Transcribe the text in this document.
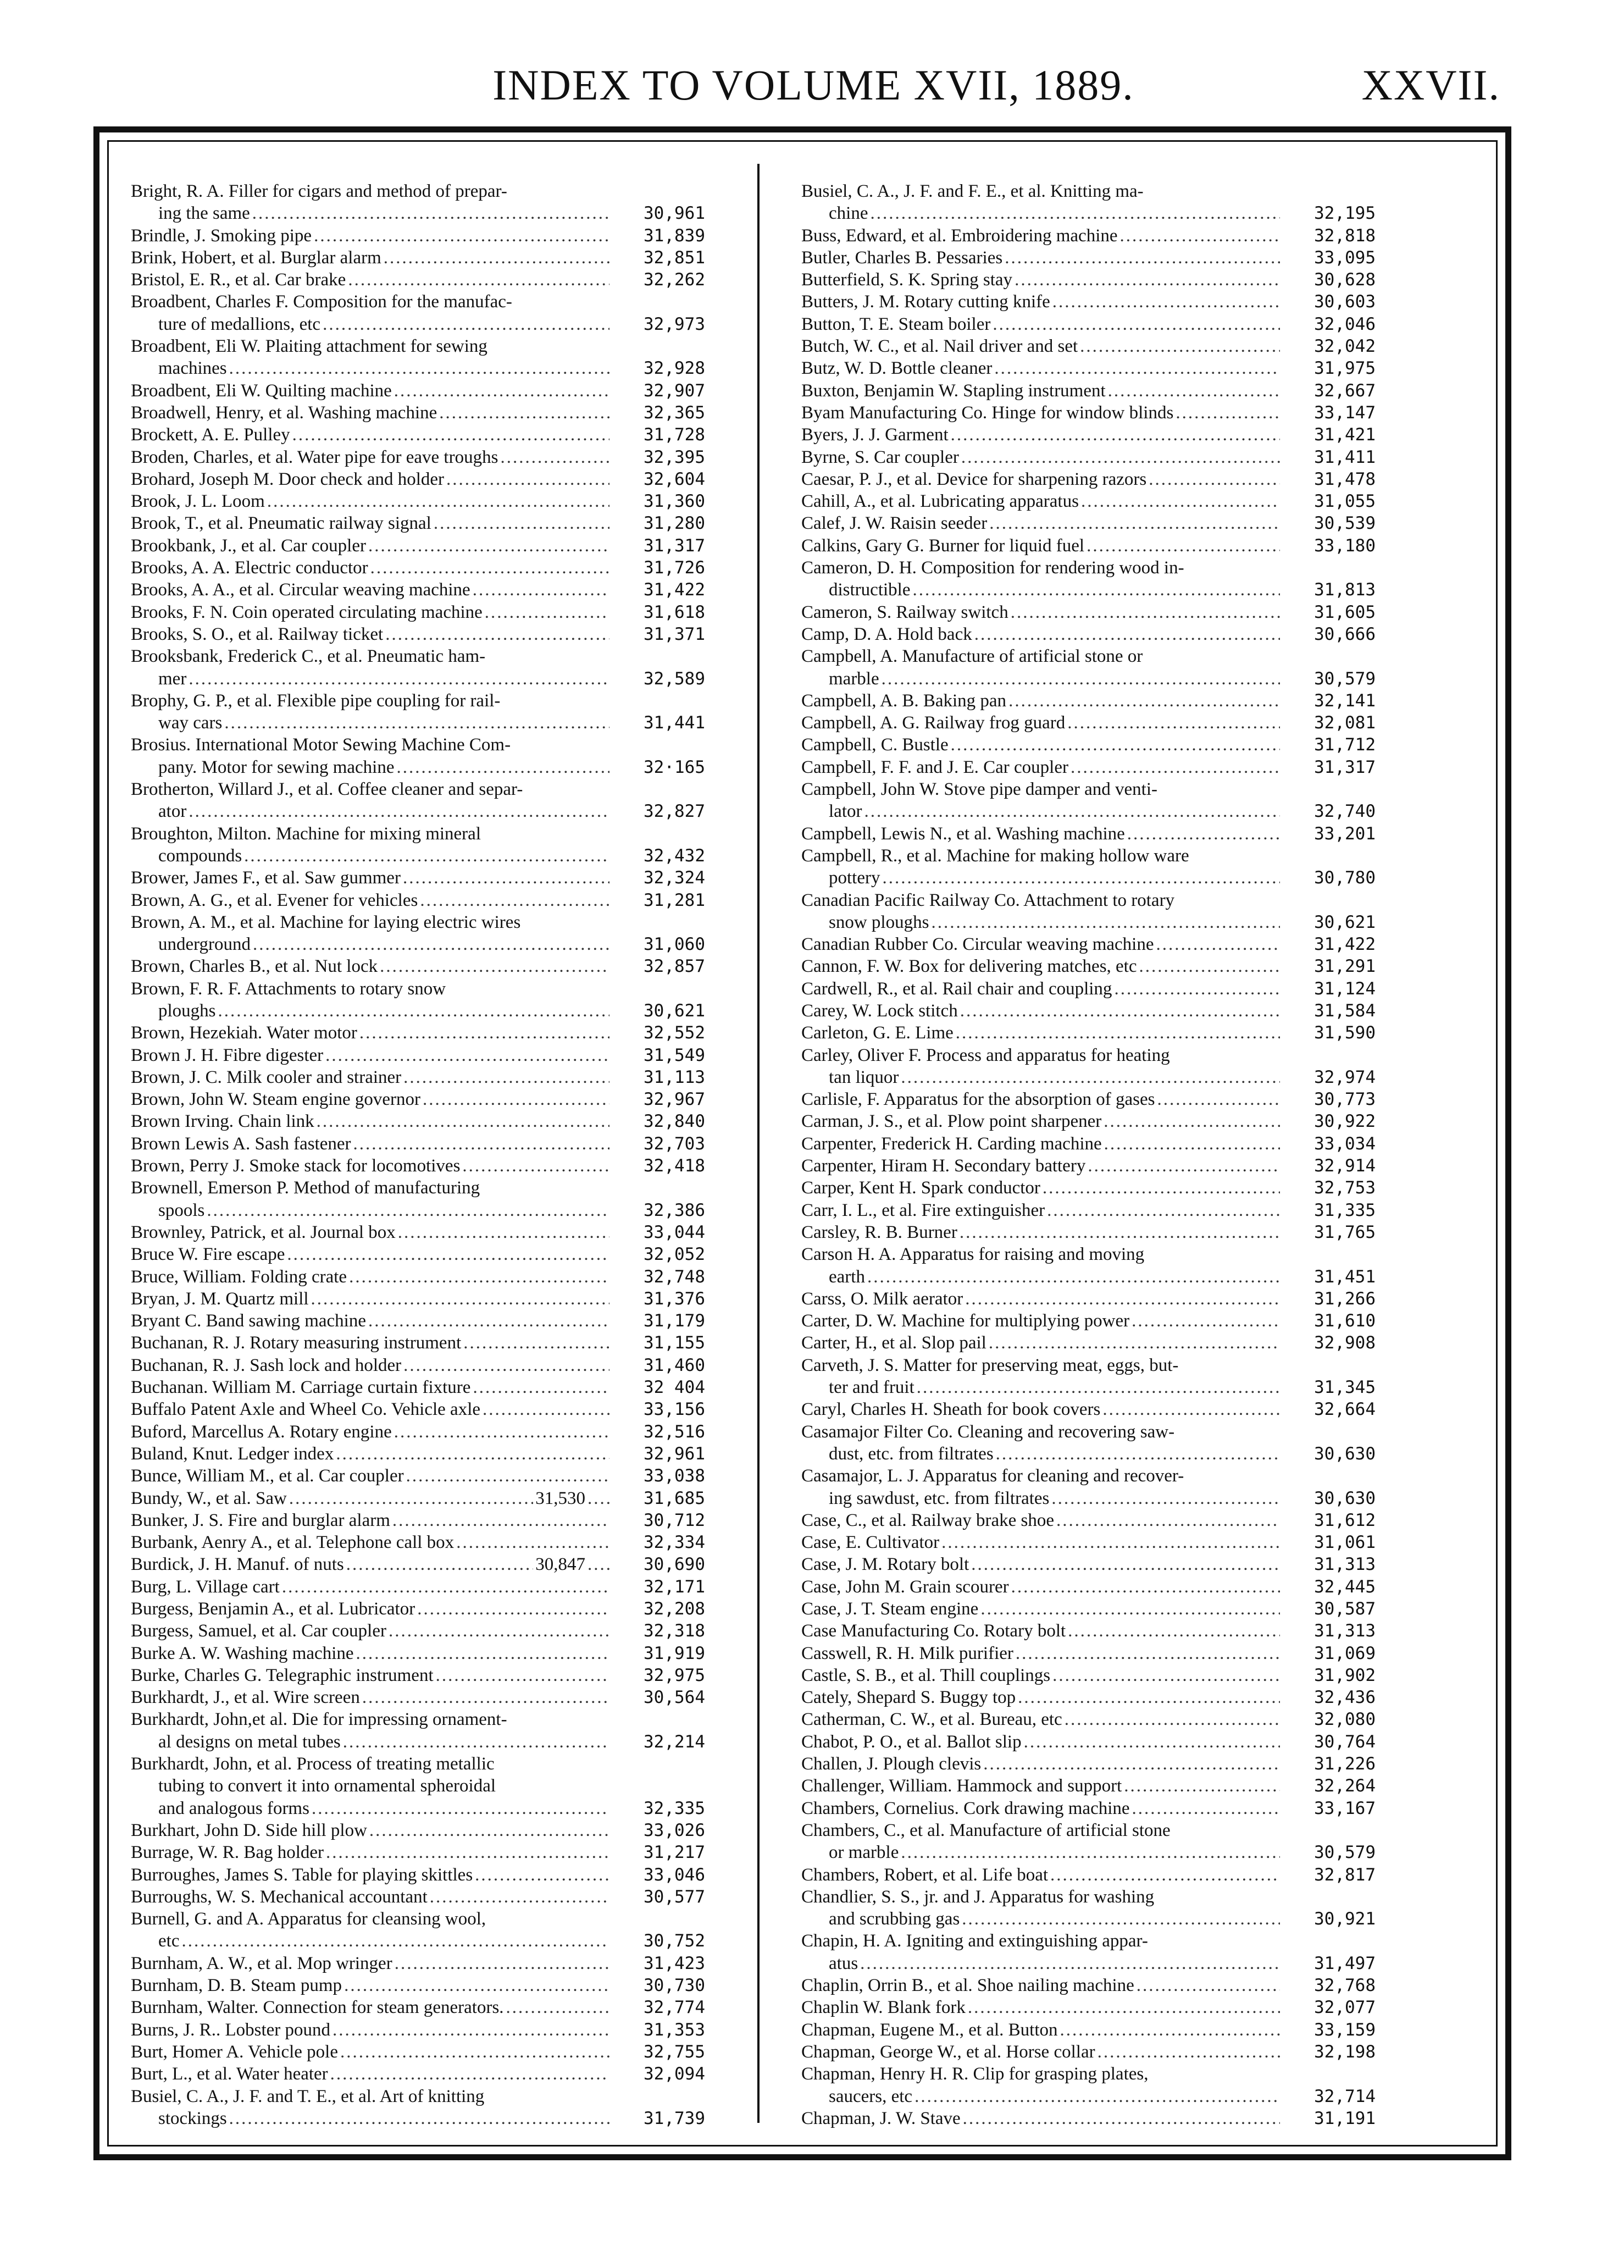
INDEX TO VOLUME XVII, 1889.	XXVII.
Bright, R. A. Filler for cigars and method of prepar-
ing the same .....	30,961
Brindle, J. Smoking pipe .....	31,839
Brink, Hobert, et al. Burglar alarm .....	32,851
Bristol, E. R., et al. Car brake .....	32,262
Broadbent, Charles F. Composition for the manufac-
ture of medallions, etc .....	32,973
Broadbent, Eli W. Plaiting attachment for sewing
machines .....	32,928
Broadbent, Eli W. Quilting machine .....	32,907
Broadwell, Henry, et al. Washing machine .....	32,365
Brockett, A. E. Pulley .....	31,728
Broden, Charles, et al. Water pipe for eave troughs .....	32,395
Brohard, Joseph M. Door check and holder .....	32,604
Brook, J. L. Loom .....	31,360
Brook, T., et al. Pneumatic railway signal .....	31,280
Brookbank, J., et al. Car coupler .....	31,317
Brooks, A. A. Electric conductor .....	31,726
Brooks, A. A., et al. Circular weaving machine .....	31,422
Brooks, F. N. Coin operated circulating machine .....	31,618
Brooks, S. O., et al. Railway ticket .....	31,371
Brooksbank, Frederick C., et al. Pneumatic ham-
mer .....	32,589
Brophy, G. P., et al. Flexible pipe coupling for rail-
way cars .....	31,441
Brosius. International Motor Sewing Machine Com-
pany. Motor for sewing machine .....	32·165
Brotherton, Willard J., et al. Coffee cleaner and separ-
ator .....	32,827
Broughton, Milton. Machine for mixing mineral
compounds .....	32,432
Brower, James F., et al. Saw gummer .....	32,324
Brown, A. G., et al. Evener for vehicles .....	31,281
Brown, A. M., et al. Machine for laying electric wires
underground .....	31,060
Brown, Charles B., et al. Nut lock .....	32,857
Brown, F. R. F. Attachments to rotary snow
ploughs .....	30,621
Brown, Hezekiah. Water motor .....	32,552
Brown J. H. Fibre digester .....	31,549
Brown, J. C. Milk cooler and strainer .....	31,113
Brown, John W. Steam engine governor .....	32,967
Brown Irving. Chain link .....	32,840
Brown Lewis A. Sash fastener .....	32,703
Brown, Perry J. Smoke stack for locomotives .....	32,418
Brownell, Emerson P. Method of manufacturing
spools .....	32,386
Brownley, Patrick, et al. Journal box .....	33,044
Bruce W. Fire escape .....	32,052
Bruce, William. Folding crate .....	32,748
Bryan, J. M. Quartz mill .....	31,376
Bryant C. Band sawing machine .....	31,179
Buchanan, R. J. Rotary measuring instrument .....	31,155
Buchanan, R. J. Sash lock and holder .....	31,460
Buchanan. William M. Carriage curtain fixture .....	32 404
Buffalo Patent Axle and Wheel Co. Vehicle axle .....	33,156
Buford, Marcellus A. Rotary engine .....	32,516
Buland, Knut. Ledger index .....	32,961
Bunce, William M., et al. Car coupler .....	33,038
Bundy, W., et al. Saw .....	31,530 .....	31,685
Bunker, J. S. Fire and burglar alarm .....	30,712
Burbank, Aenry A., et al. Telephone call box .....	32,334
Burdick, J. H. Manuf. of nuts .....	30,847 .....	30,690
Burg, L. Village cart .....	32,171
Burgess, Benjamin A., et al. Lubricator .....	32,208
Burgess, Samuel, et al. Car coupler .....	32,318
Burke A. W. Washing machine .....	31,919
Burke, Charles G. Telegraphic instrument .....	32,975
Burkhardt, J., et al. Wire screen .....	30,564
Burkhardt, John,et al. Die for impressing ornament-
al designs on metal tubes .....	32,214
Burkhardt, John, et al. Process of treating metallic
tubing to convert it into ornamental spheroidal
and analogous forms .....	32,335
Burkhart, John D. Side hill plow .....	33,026
Burrage, W. R. Bag holder .....	31,217
Burroughes, James S. Table for playing skittles .....	33,046
Burroughs, W. S. Mechanical accountant .....	30,577
Burnell, G. and A. Apparatus for cleansing wool,
etc .....	30,752
Burnham, A. W., et al. Mop wringer .....	31,423
Burnham, D. B. Steam pump .....	30,730
Burnham, Walter. Connection for steam generators. .....	32,774
Burns, J. R.. Lobster pound .....	31,353
Burt, Homer A. Vehicle pole .....	32,755
Burt, L., et al. Water heater .....	32,094
Busiel, C. A., J. F. and T. E., et al. Art of knitting
stockings .....	31,739
Busiel, C. A., J. F. and F. E., et al. Knitting ma-
chine .....	32,195
Buss, Edward, et al. Embroidering machine .....	32,818
Butler, Charles B. Pessaries .....	33,095
Butterfield, S. K. Spring stay .....	30,628
Butters, J. M. Rotary cutting knife .....	30,603
Button, T. E. Steam boiler .....	32,046
Butch, W. C., et al. Nail driver and set .....	32,042
Butz, W. D. Bottle cleaner .....	31,975
Buxton, Benjamin W. Stapling instrument .....	32,667
Byam Manufacturing Co. Hinge for window blinds .....	33,147
Byers, J. J. Garment .....	31,421
Byrne, S. Car coupler .....	31,411
Caesar, P. J., et al. Device for sharpening razors .....	31,478
Cahill, A., et al. Lubricating apparatus .....	31,055
Calef, J. W. Raisin seeder .....	30,539
Calkins, Gary G. Burner for liquid fuel .....	33,180
Cameron, D. H. Composition for rendering wood in-
distructible .....	31,813
Cameron, S. Railway switch .....	31,605
Camp, D. A. Hold back .....	30,666
Campbell, A. Manufacture of artificial stone or
marble .....	30,579
Campbell, A. B. Baking pan .....	32,141
Campbell, A. G. Railway frog guard .....	32,081
Campbell, C. Bustle .....	31,712
Campbell, F. F. and J. E. Car coupler .....	31,317
Campbell, John W. Stove pipe damper and venti-
lator .....	32,740
Campbell, Lewis N., et al. Washing machine .....	33,201
Campbell, R., et al. Machine for making hollow ware
pottery .....	30,780
Canadian Pacific Railway Co. Attachment to rotary
snow ploughs .....	30,621
Canadian Rubber Co. Circular weaving machine .....	31,422
Cannon, F. W. Box for delivering matches, etc .....	31,291
Cardwell, R., et al. Rail chair and coupling .....	31,124
Carey, W. Lock stitch .....	31,584
Carleton, G. E. Lime .....	31,590
Carley, Oliver F. Process and apparatus for heating
tan liquor .....	32,974
Carlisle, F. Apparatus for the absorption of gases .....	30,773
Carman, J. S., et al. Plow point sharpener .....	30,922
Carpenter, Frederick H. Carding machine .....	33,034
Carpenter, Hiram H. Secondary battery .....	32,914
Carper, Kent H. Spark conductor .....	32,753
Carr, I. L., et al. Fire extinguisher .....	31,335
Carsley, R. B. Burner .....	31,765
Carson H. A. Apparatus for raising and moving
earth .....	31,451
Carss, O. Milk aerator .....	31,266
Carter, D. W. Machine for multiplying power .....	31,610
Carter, H., et al. Slop pail .....	32,908
Carveth, J. S. Matter for preserving meat, eggs, but-
ter and fruit .....	31,345
Caryl, Charles H. Sheath for book covers .....	32,664
Casamajor Filter Co. Cleaning and recovering saw-
dust, etc. from filtrates .....	30,630
Casamajor, L. J. Apparatus for cleaning and recover-
ing sawdust, etc. from filtrates .....	30,630
Case, C., et al. Railway brake shoe .....	31,612
Case, E. Cultivator .....	31,061
Case, J. M. Rotary bolt .....	31,313
Case, John M. Grain scourer .....	32,445
Case, J. T. Steam engine .....	30,587
Case Manufacturing Co. Rotary bolt .....	31,313
Casswell, R. H. Milk purifier .....	31,069
Castle, S. B., et al. Thill couplings .....	31,902
Cately, Shepard S. Buggy top .....	32,436
Catherman, C. W., et al. Bureau, etc .....	32,080
Chabot, P. O., et al. Ballot slip .....	30,764
Challen, J. Plough clevis .....	31,226
Challenger, William. Hammock and support .....	32,264
Chambers, Cornelius. Cork drawing machine .....	33,167
Chambers, C., et al. Manufacture of artificial stone
or marble .....	30,579
Chambers, Robert, et al. Life boat .....	32,817
Chandlier, S. S., jr. and J. Apparatus for washing
and scrubbing gas .....	30,921
Chapin, H. A. Igniting and extinguishing appar-
atus .....	31,497
Chaplin, Orrin B., et al. Shoe nailing machine .....	32,768
Chaplin W. Blank fork .....	32,077
Chapman, Eugene M., et al. Button .....	33,159
Chapman, George W., et al. Horse collar .....	32,198
Chapman, Henry H. R. Clip for grasping plates,
saucers, etc .....	32,714
Chapman, J. W. Stave .....	31,191
